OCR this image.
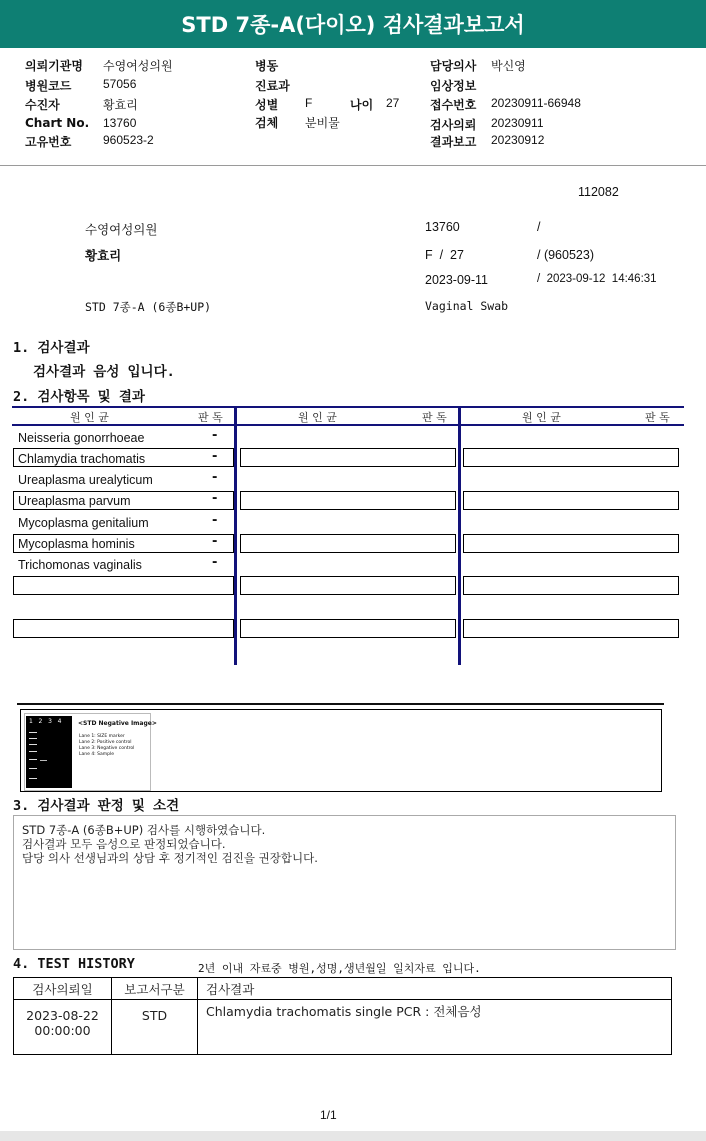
STD 7종-A(다이오) 검사결과보고서
의뢰기관명 수영여성의원	병동	담당의사 박신영
병원코드	57056	진료과	임상정보
수진자	황효리	성별 F	나이 27	접수번호 20230911-66948
Chart No. 13760	검체 분비물	검사의뢰 20230911
고유번호	960523-2	결과보고 20230912
112082
수영여성의원	13760	/
황효리	F  /  27	/ (960523)
2023-09-11	/  2023-09-12  14:46:31
STD 7종-A (6종B+UP)	Vaginal Swab
1. 검사결과
검사결과 음성 입니다.
2. 검사항목 및 결과
원 인 균	판 독	원 인 균	판 독	원 인 균	판 독
Neisseria gonorrhoeae	-
Chlamydia trachomatis	-
Ureaplasma urealyticum	-
Ureaplasma parvum	-
Mycoplasma genitalium	-
Mycoplasma hominis	-
Trichomonas vaginalis	-
1   2   3   4	<STD Negative Image>
Lane 1: SIZE marker
Lane 2: Positive control
Lane 3: Negative control
Lane 4: Sample
3. 검사결과 판정 및 소견
STD 7종-A (6종B+UP) 검사를 시행하였습니다.
검사결과 모두 음성으로 판정되었습니다.
담당 의사 선생님과의 상담 후 정기적인 검진을 권장합니다.
4. TEST HISTORY	2년 이내 자료중 병원,성명,생년월일 일치자료 입니다.
검사의뢰일	보고서구분	검사결과

2023-08-22
00:00:00	STD	Chlamydia trachomatis single PCR : 전체음성
1/1
